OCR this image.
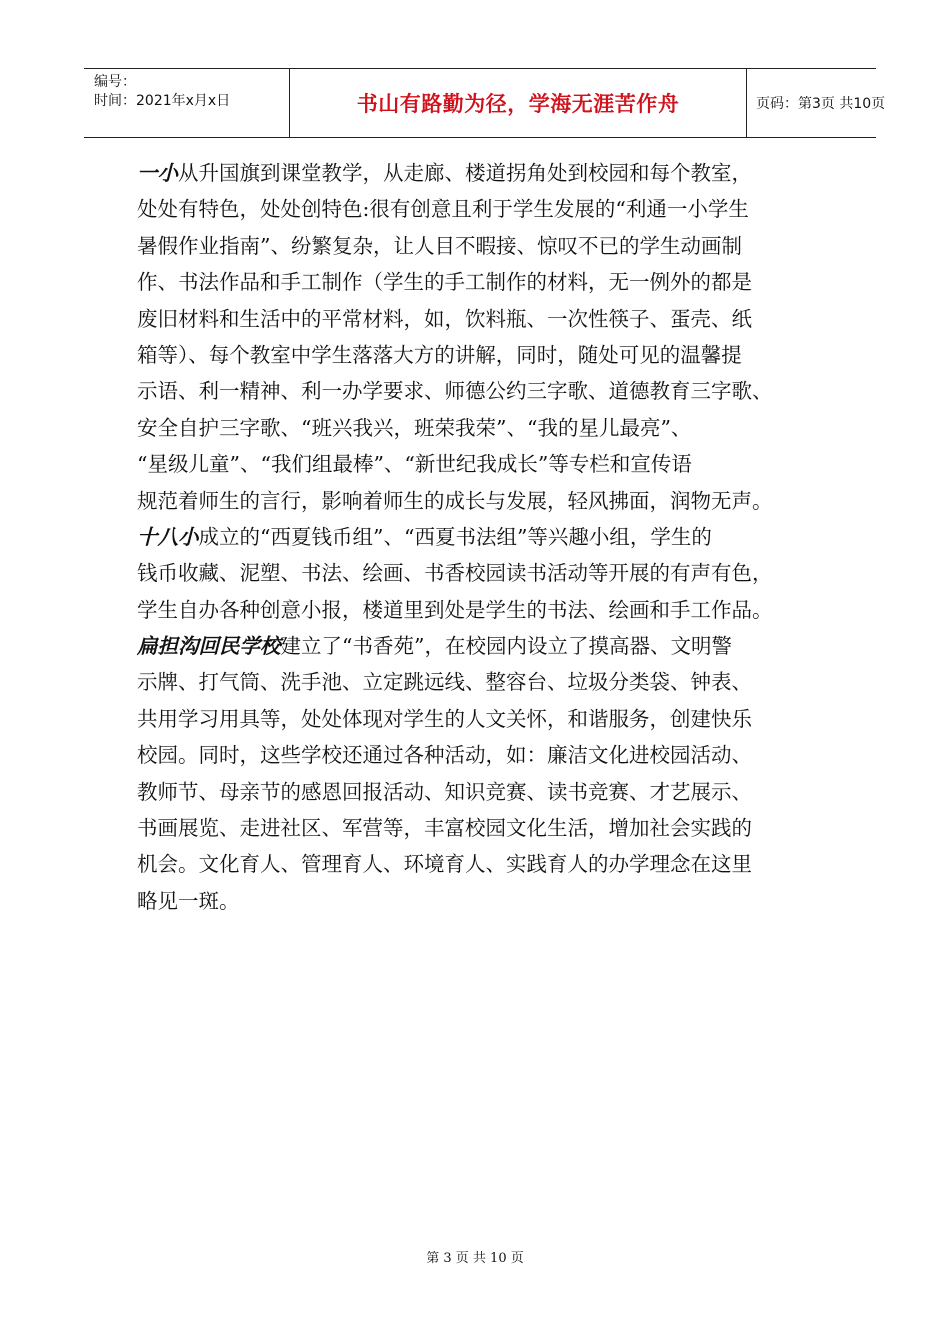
编号：
时间：2021年x月x日	书山有路勤为径，学海无涯苦作舟	页码：第3页 共10页
一小从升国旗到课堂教学，从走廊、楼道拐角处到校园和每个教室，
处处有特色，处处创特色:很有创意且利于学生发展的“利通一小学生
暑假作业指南”、纷繁复杂，让人目不暇接、惊叹不已的学生动画制
作、书法作品和手工制作（学生的手工制作的材料，无一例外的都是
废旧材料和生活中的平常材料，如，饮料瓶、一次性筷子、蛋壳、纸
箱等）、每个教室中学生落落大方的讲解，同时，随处可见的温馨提
示语、利一精神、利一办学要求、师德公约三字歌、道德教育三字歌、
安全自护三字歌、“班兴我兴，班荣我荣”、“我的星儿最亮”、
“星级儿童”、“我们组最棒”、“新世纪我成长”等专栏和宣传语
规范着师生的言行，影响着师生的成长与发展，轻风拂面，润物无声。
十八小成立的“西夏钱币组”、“西夏书法组”等兴趣小组，学生的
钱币收藏、泥塑、书法、绘画、书香校园读书活动等开展的有声有色，
学生自办各种创意小报，楼道里到处是学生的书法、绘画和手工作品。
扁担沟回民学校建立了“书香苑”，在校园内设立了摸高器、文明警
示牌、打气筒、洗手池、立定跳远线、整容台、垃圾分类袋、钟表、
共用学习用具等，处处体现对学生的人文关怀，和谐服务，创建快乐
校园。同时，这些学校还通过各种活动，如：廉洁文化进校园活动、
教师节、母亲节的感恩回报活动、知识竞赛、读书竞赛、才艺展示、
书画展览、走进社区、军营等，丰富校园文化生活，增加社会实践的
机会。文化育人、管理育人、环境育人、实践育人的办学理念在这里
略见一斑。
第 3 页 共 10 页
